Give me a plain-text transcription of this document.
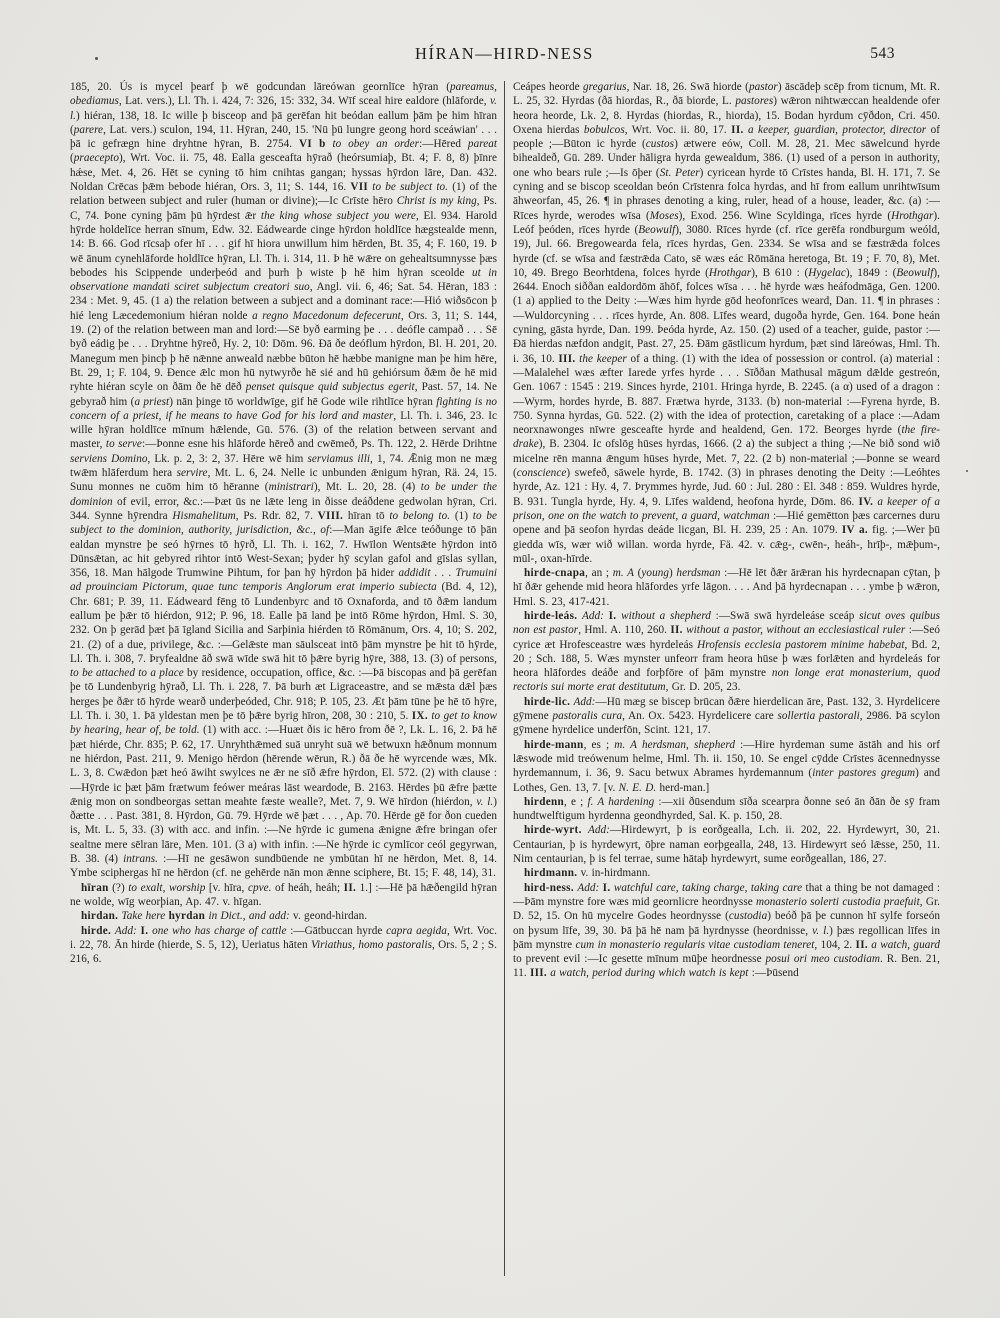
HÍRAN—HIRD-NESS	543

185, 20. Ús is mycel þearf þ wē godcundan lāreówan geornlīce hȳran (pareamus, obediamus, Lat. vers.), Ll. Th. i. 424, 7: 326, 15: 332, 34. Wīf sceal hire ealdore (hlāforde, v. l.) hiéran, 138, 18. Ic wille þ bisceop and þā gerēfan hit beódan eallum þām þe him hīran (parere, Lat. vers.) sculon, 194, 11. Hȳran, 240, 15. 'Nū þū lungre geong hord sceáwian' . . . þā ic gefrægn hine dryhtne hȳran, B. 2754. VI b to obey an order:—Hēred pareat (praecepto), Wrt. Voc. ii. 75, 48. Ealla gesceafta hȳrað (heórsumiaþ, Bt. 4; F. 8, 8) þīnre hǽse, Met. 4, 26. Hēt se cyning tō him cnihtas gangan; hyssas hȳrdon lāre, Dan. 432. Noldan Crēcas þǣm bebode hiéran, Ors. 3, 11; S. 144, 16. VII to be subject to. (1) of the relation between subject and ruler (human or divine);—Ic Crīste hēro Christ is my king, Ps. C, 74. Þone cyning þām þū hȳrdest ǣr the king whose subject you were, El. 934. Harold hȳrde holdelīce herran sīnum, Edw. 32. Eádwearde cinge hȳrdon holdlīce hægstealde menn, 14: B. 66. God rīcsaþ ofer hī . . . gif hī hiora unwillum him hērden, Bt. 35, 4; F. 160, 19. Þ wē ānum cynehlāforde holdlīce hȳran, Ll. Th. i. 314, 11. Þ hē wǣre on gehealtsumnysse þæs bebodes his Scippende underþeód and þurh þ wiste þ hē him hȳran sceolde ut in observatione mandati sciret subjectum creatori suo, Angl. vii. 6, 46; Sat. 54. Hēran, 183 : 234 : Met. 9, 45. (1 a) the relation between a subject and a dominant race:—Hió wiðsōcon þ hié leng Læcedemonium hiéran nolde a regno Macedonum defecerunt, Ors. 3, 11; S. 144, 19. (2) of the relation between man and lord:—Sē byð earming þe . . . deófle campað . . . Sē byð eádig þe . . . Dryhtne hȳreð, Hy. 2, 10: Dōm. 96. Ðā ðe deóflum hȳrdon, Bl. H. 201, 20. Manegum men þincþ þ hē nǣnne anweald næbbe būton hē hæbbe manigne man þe him hēre, Bt. 29, 1; F. 104, 9. Ðence ǣlc mon hū nytwyrðe hē sié and hū gehiórsum ðǣm ðe hē mid ryhte hiéran scyle on ðām ðe hē dēð penset quisque quid subjectus egerit, Past. 57, 14. Ne gebyrað him (a priest) nān þinge tō worldwīge, gif hē Gode wile rihtlīce hȳran fighting is no concern of a priest, if he means to have God for his lord and master, Ll. Th. i. 346, 23. Ic wille hȳran holdlīce mīnum hǣlende, Gū. 576. (3) of the relation between servant and master, to serve:—Þonne esne his hlāforde hēreð and cwēmeð, Ps. Th. 122, 2. Hērde Drihtne serviens Domino, Lk. p. 2, 3: 2, 37. Hēre wē him serviamus illi, 1, 74. Ǣnig mon ne mæg twǣm hlāferdum hera servire, Mt. L. 6, 24. Nelle ic unbunden ǣnigum hȳran, Rä. 24, 15. Sunu monnes ne cuōm him tō hēranne (ministrari), Mt. L. 20, 28. (4) to be under the dominion of evil, error, &c.:—Þæt ūs ne lǣte leng in ðisse deáðdene gedwolan hȳran, Cri. 344. Synne hȳrendra Hismahelitum, Ps. Rdr. 82, 7. VIII. hīran tō to belong to. (1) to be subject to the dominion, authority, jurisdiction, &c., of:—Man āgife ǣlce teóðunge tō þān ealdan mynstre þe seó hȳrnes tō hȳrð, Ll. Th. i. 162, 7. Hwīlon Wentsǣte hȳrdon intō Dūnsǣtan, ac hit gebyred rihtor intō West-Sexan; þyder hȳ scylan gafol and gīslas syllan, 356, 18. Man hālgode Trumwine Pihtum, for þan hȳ hȳrdon þā hider addidit . . . Trumuini ad prouinciam Pictorum, quae tunc temporis Anglorum erat imperio subiecta (Bd. 4, 12), Chr. 681; P. 39, 11. Eádweard fēng tō Lundenbyrc and tō Oxnaforda, and tō ðǣm landum eallum þe þǣr tō hiérdon, 912; P. 96, 18. Ealle þā land þe intō Rōme hȳrdon, Hml. S. 30, 232. On þ gerād þæt þā īgland Sicilia and Sarþinia hiérden tō Rōmānum, Ors. 4, 10; S. 202, 21. (2) of a due, privilege, &c. :—Gelǣste man sāulsceat intō þām mynstre þe hit tō hȳrde, Ll. Th. i. 308, 7. Þryfealdne āð swā wīde swā hit tō þǣre byrig hȳre, 388, 13. (3) of persons, to be attached to a place by residence, occupation, office, &c. :—Þā biscopas and þā gerēfan þe tō Lundenbyrig hȳrað, Ll. Th. i. 228, 7. Þā burh æt Ligraceastre, and se mǣsta dǣl þæs herges þe ðǣr tō hȳrde wearð underþeóded, Chr. 918; P. 105, 23. Æt þām tūne þe hē tō hȳre, Ll. Th. i. 30, 1. Þā yldestan men þe tō þǣre byrig hīron, 208, 30 : 210, 5. IX. to get to know by hearing, hear of, be told. (1) with acc. :—Huæt ðis ic hēro from ðē ?, Lk. L. 16, 2. Þā hē þæt hiérde, Chr. 835; P. 62, 17. Unryhthǣmed suā unryht suā wē betwuxn hǣðnum monnum ne hiérdon, Past. 211, 9. Menigo hērdon (hērende wērun, R.) ðā ðe hē wyrcende wæs, Mk. L. 3, 8. Cwǣdon þæt heó āwiht swylces ne ǣr ne sīð ǣfre hȳrdon, El. 572. (2) with clause :—Hȳrde ic þæt þām frætwum feówer meáras lāst weardode, B. 2163. Hērdes þū ǣfre þætte ǣnig mon on sondbeorgas settan meahte fæste wealle?, Met. 7, 9. Wē hīrdon (hiérdon, v. l.) ðætte . . . Past. 381, 8. Hȳrdon, Gū. 79. Hȳrde wē þæt . . . , Ap. 70. Hērde gē for ðon cueden is, Mt. L. 5, 33. (3) with acc. and infin. :—Ne hȳrde ic gumena ǣnigne ǣfre bringan ofer sealtne mere sēlran lāre, Men. 101. (3 a) with infin. :—Ne hȳrde ic cymlīcor ceól gegyrwan, B. 38. (4) intrans. :—Hī ne gesāwon sundbūende ne ymbūtan hī ne hērdon, Met. 8, 14. Ymbe sciphergas hī ne hērdon (cf. ne gehērde nān mon ǣnne sciphere, Bt. 15; F. 48, 14), 31.

hīran (?) to exalt, worship [v. hīra, cpve. of heáh, heáh; II. 1.] :—Hē þā hǣðengild hȳran ne wolde, wīg weorþian, Ap. 47. v. hīgan.

hirdan. Take here hyrdan in Dict., and add: v. geond-hirdan.

hirde. Add: I. one who has charge of cattle :—Gātbuccan hyrde capra aegida, Wrt. Voc. i. 22, 78. Ān hirde (hierde, S. 5, 12), Ueriatus hāten Viriathus, homo pastoralis, Ors. 5, 2 ; S. 216, 6.

Ceápes heorde gregarius, Nar. 18, 26. Swā hiorde (pastor) āscādeþ scēp from ticnum, Mt. R. L. 25, 32. Hyrdas (ðā hiordas, R., ðā biorde, L. pastores) wǣron nihtwæccan healdende ofer heora heorde, Lk. 2, 8. Hyrdas (hiordas, R., hiorda), 15. Bodan hyrdum cȳðdon, Cri. 450. Oxena hierdas bobulcos, Wrt. Voc. ii. 80, 17. II. a keeper, guardian, protector, director of people ;—Būton ic hyrde (custos) ætwere eów, Coll. M. 28, 21. Mec sāwelcund hyrde bihealdeð, Gū. 289. Under hāligra hyrda gewealdum, 386. (1) used of a person in authority, one who bears rule ;—Is ōþer (St. Peter) cyricean hyrde tō Crīstes handa, Bl. H. 171, 7. Se cyning and se biscop sceoldan beón Crīstenra folca hyrdas, and hī from eallum unrihtwīsum āhweorfan, 45, 26. ¶ in phrases denoting a king, ruler, head of a house, leader, &c. (a) :—Rīces hyrde, werodes wīsa (Moses), Exod. 256. Wine Scyldinga, rīces hyrde (Hrothgar). Leóf þeóden, rīces hyrde (Beowulf), 3080. Rīces hyrde (cf. rīce gerēfa rondburgum weóld, 19), Jul. 66. Bregowearda fela, rīces hyrdas, Gen. 2334. Se wīsa and se fæstrǣda folces hyrde (cf. se wīsa and fæstrǣda Cato, sē wæs eác Rōmāna heretoga, Bt. 19 ; F. 70, 8), Met. 10, 49. Brego Beorhtdena, folces hyrde (Hrothgar), B 610 : (Hygelac), 1849 : (Beowulf), 2644. Enoch siððan ealdordōm āhōf, folces wīsa . . . hē hyrde wæs heáfodmāga, Gen. 1200. (1 a) applied to the Deity :—Wæs him hyrde gōd heofonrīces weard, Dan. 11. ¶ in phrases :—Wuldorcyning . . . rīces hyrde, An. 808. Līfes weard, dugoða hyrde, Gen. 164. Þone heán cyning, gāsta hyrde, Dan. 199. Þeóda hyrde, Az. 150. (2) used of a teacher, guide, pastor :—Ðā hierdas næfdon andgit, Past. 27, 25. Ðām gāstlicum hyrdum, þæt sind lāreówas, Hml. Th. i. 36, 10. III. the keeper of a thing. (1) with the idea of possession or control. (a) material :—Malalehel wæs æfter Iarede yrfes hyrde . . . Sīððan Mathusal māgum dǣlde gestreón, Gen. 1067 : 1545 : 219. Sinces hyrde, 2101. Hringa hyrde, B. 2245. (a α) used of a dragon :—Wyrm, hordes hyrde, B. 887. Frætwa hyrde, 3133. (b) non-material :—Fyrena hyrde, B. 750. Synna hyrdas, Gū. 522. (2) with the idea of protection, caretaking of a place :—Adam neorxnawonges nīwre gesceafte hyrde and healdend, Gen. 172. Beorges hyrde (the fire-drake), B. 2304. Ic ofslōg hūses hyrdas, 1666. (2 a) the subject a thing ;—Ne bið sond wið micelne rēn manna ǣngum hūses hyrde, Met. 7, 22. (2 b) non-material ;—Þonne se weard (conscience) swefeð, sāwele hyrde, B. 1742. (3) in phrases denoting the Deity :—Leóhtes hyrde, Az. 121 : Hy. 4, 7. Þrymmes hyrde, Jud. 60 : Jul. 280 : El. 348 : 859. Wuldres hyrde, B. 931. Tungla hyrde, Hy. 4, 9. Līfes waldend, heofona hyrde, Dōm. 86. IV. a keeper of a prison, one on the watch to prevent, a guard, watchman :—Hié gemētton þæs carcernes duru opene and þā seofon hyrdas deáde licgan, Bl. H. 239, 25 : An. 1079. IV a. fig. ;—Wer þū giedda wīs, wær wið willan. worda hyrde, Fä. 42. v. cǣg-, cwēn-, heáh-, hrīþ-, mǣþum-, mūl-, oxan-hīrde.

hirde-cnapa, an ; m. A (young) herdsman :—Hē lēt ðǣr ārǣran his hyrdecnapan cȳtan, þ hī ðǣr gehende mid heora hlāfordes yrfe lāgon. . . . And þā hyrdecnapan . . . ymbe þ wǣron, Hml. S. 23, 417-421.

hirde-leás. Add: I. without a shepherd :—Swā swā hyrdeleáse sceáp sicut oves quibus non est pastor, Hml. A. 110, 260. II. without a pastor, without an ecclesiastical ruler :—Seó cyrice æt Hrofesceastre wæs hyrdeleás Hrofensis ecclesia pastorem minime habebat, Bd. 2, 20 ; Sch. 188, 5. Wæs mynster unfeorr fram heora hūse þ wæs forlǣten and hyrdeleás for heora hlāfordes deáðe and forþfōre of þām mynstre non longe erat monasterium, quod rectoris sui morte erat destitutum, Gr. D. 205, 23.

hirde-lic. Add:—Hū mæg se biscep brūcan ðǣre hierdelican āre, Past. 132, 3. Hyrdelicere gȳmene pastoralis cura, An. Ox. 5423. Hyrdelicere care sollertia pastorali, 2986. Þā scylon gȳmene hyrdelice underfōn, Scint. 121, 17.

hirde-mann, es ; m. A herdsman, shepherd :—Hire hyrdeman sume āstāh and his orf lǣswode mid treówenum helme, Hml. Th. ii. 150, 10. Se engel cȳdde Crīstes ācennednysse hyrdemannum, i. 36, 9. Sacu betwux Abrames hyrdemannum (inter pastores gregum) and Lothes, Gen. 13, 7. [v. N. E. D. herd-man.]

hirdenn, e ; f. A hardening :—xii ðūsendum sīða scearpra ðonne seó ān ðān ðe sȳ fram hundtwelftigum hyrdenna geondhyrded, Sal. K. p. 150, 28.

hirde-wyrt. Add:—Hirdewyrt, þ is eorðgealla, Lch. ii. 202, 22. Hyrdewyrt, 30, 21. Centaurian, þ is hyrdewyrt, ōþre naman eorþgealla, 248, 13. Hirdewyrt seó lǣsse, 250, 11. Nim centaurian, þ is fel terrae, sume hātaþ hyrdewyrt, sume eorðgeallan, 186, 27.

hirdmann. v. in-hirdmann.

hird-ness. Add: I. watchful care, taking charge, taking care that a thing be not damaged :—Þām mynstre fore wæs mid geornlicre heordnysse monasterio solerti custodia praefuit, Gr. D. 52, 15. On hū mycelre Godes heordnysse (custodia) beóð þā þe cunnon hī sylfe forseón on þysum līfe, 39, 30. Þā þā hē nam þā hyrdnysse (heordnisse, v. l.) þæs regollican līfes in þām mynstre cum in monasterio regularis vitae custodiam teneret, 104, 2. II. a watch, guard to prevent evil :—Ic gesette mīnum mūþe heordnesse posui ori meo custodiam. R. Ben. 21, 11. III. a watch, period during which watch is kept :—Þūsend
